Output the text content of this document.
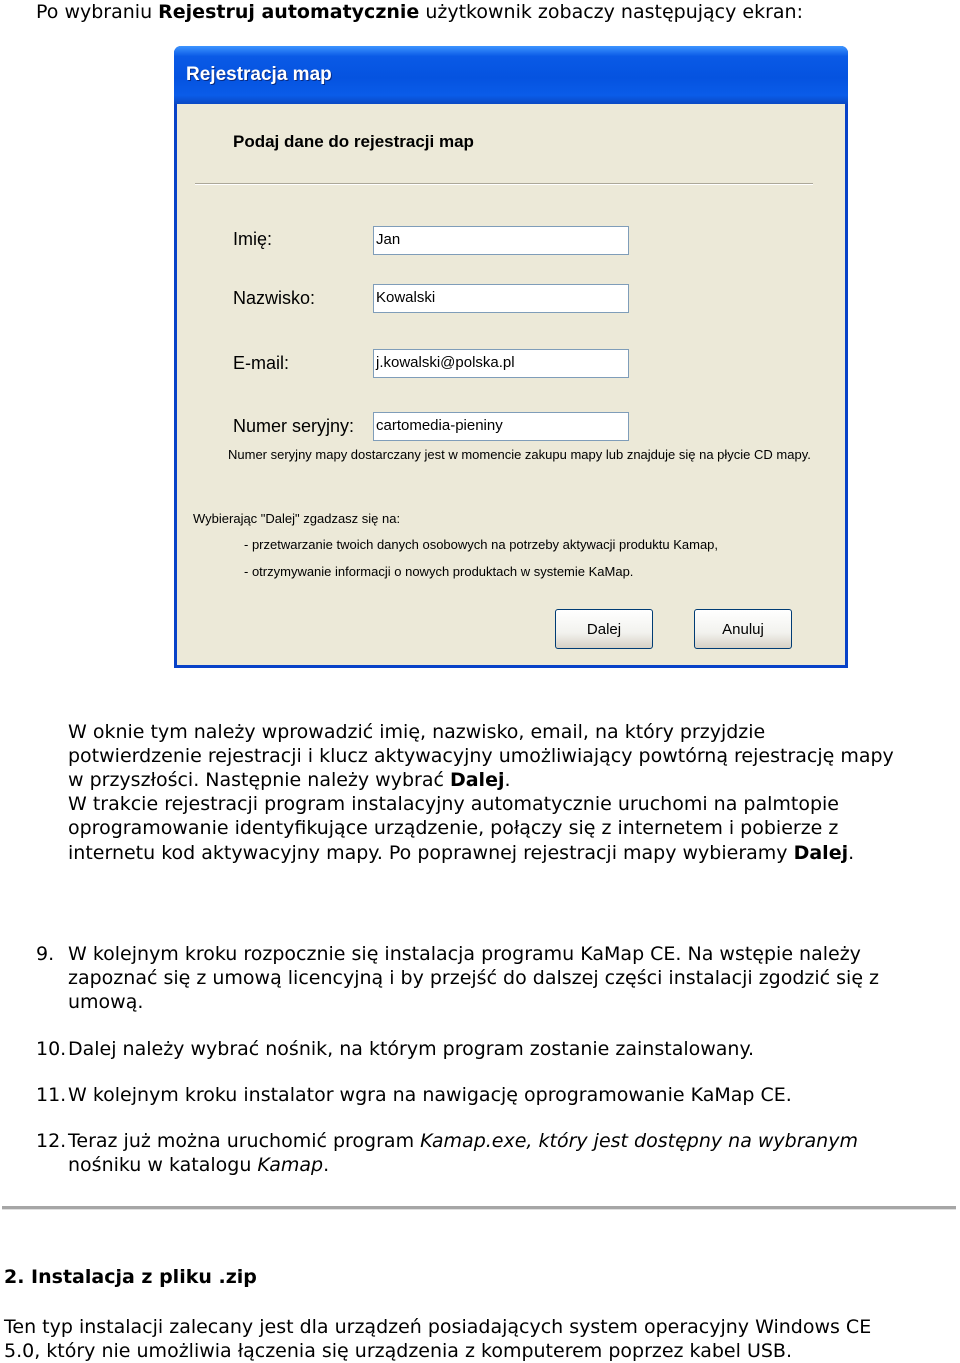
Po wybraniu Rejestruj automatycznie użytkownik zobaczy następujący ekran:
Rejestracja map
Podaj dane do rejestracji map
Imię:	Jan
Nazwisko:	Kowalski
E-mail:	j.kowalski@polska.pl
Numer seryjny: cartomedia-pieniny
Numer seryjny mapy dostarczany jest w momencie zakupu mapy lub znajduje się na płycie CD mapy.
Wybierając "Dalej" zgadzasz się na:
- przetwarzanie twoich danych osobowych na potrzeby aktywacji produktu Kamap,
- otrzymywanie informacji o nowych produktach w systemie KaMap.
Dalej	Anuluj
W oknie tym należy wprowadzić imię, nazwisko, email, na który przyjdzie
potwierdzenie rejestracji i klucz aktywacyjny umożliwiający powtórną rejestrację mapy
w przyszłości. Następnie należy wybrać Dalej.
W trakcie rejestracji program instalacyjny automatycznie uruchomi na palmtopie
oprogramowanie identyfikujące urządzenie, połączy się z internetem i pobierze z
internetu kod aktywacyjny mapy. Po poprawnej rejestracji mapy wybieramy Dalej.
9. W kolejnym kroku rozpocznie się instalacja programu KaMap CE. Na wstępie należy
zapoznać się z umową licencyjną i by przejść do dalszej części instalacji zgodzić się z
umową.
10. Dalej należy wybrać nośnik, na którym program zostanie zainstalowany.
11. W kolejnym kroku instalator wgra na nawigację oprogramowanie KaMap CE.
12. Teraz już można uruchomić program Kamap.exe, który jest dostępny na wybranym
nośniku w katalogu Kamap.
2. Instalacja z pliku .zip
Ten typ instalacji zalecany jest dla urządzeń posiadających system operacyjny Windows CE
5.0, który nie umożliwia łączenia się urządzenia z komputerem poprzez kabel USB.
